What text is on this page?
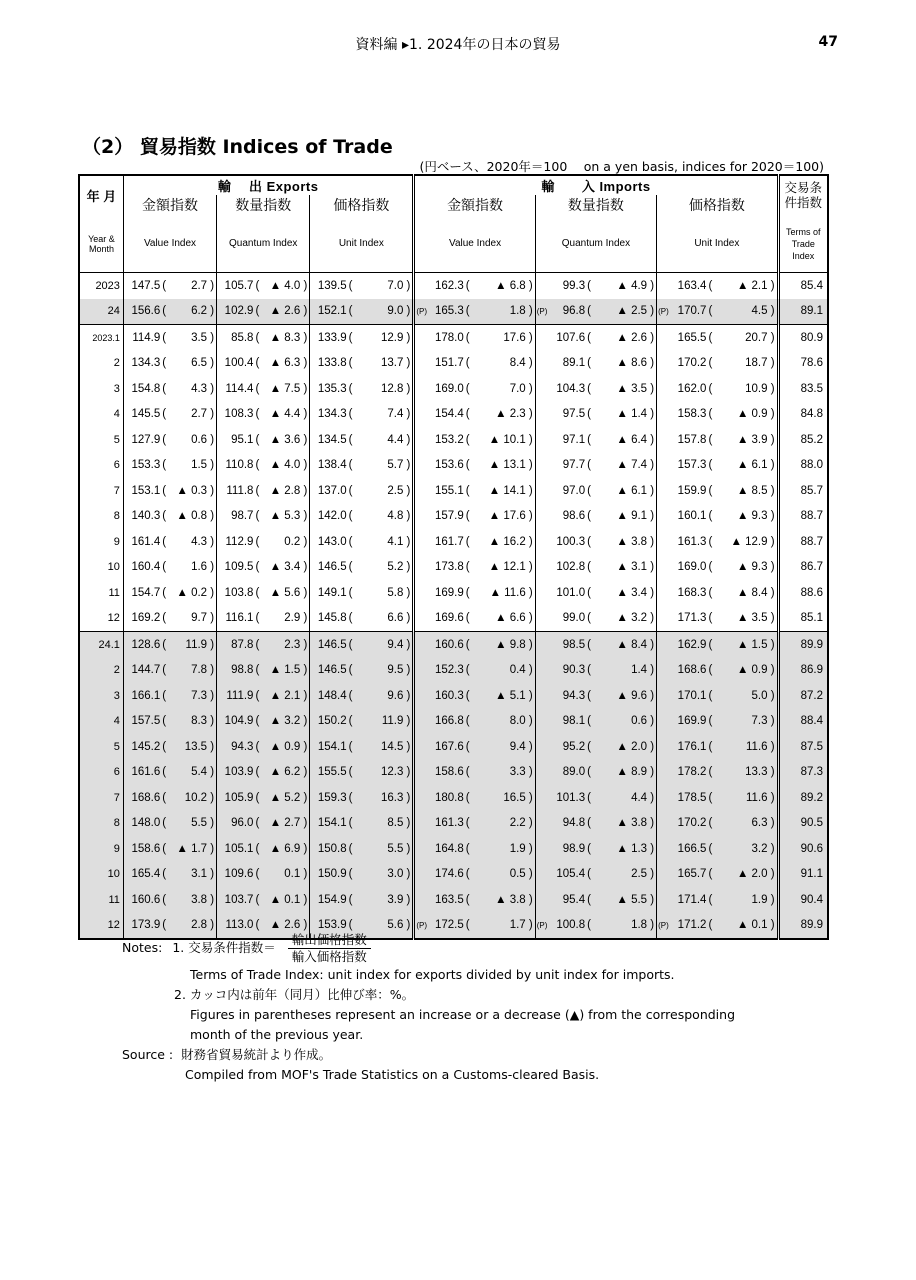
資料編 ▸1. 2024年の日本の貿易	47
（2） 貿易指数 Indices of Trade
(円ベース、2020年＝100　 on a yen basis, indices for 2020＝100)
年 月	輸　 出 Exports						輸　　入 Imports									交易条
件指数
	金額指数		数量指数		価格指数		金額指数			数量指数			価格指数			
Year &
Month	Value Index		Quantum Index		Unit Index		Value Index			Quantum Index			Unit Index			Terms of
Trade
Index
2023	147.5	( 2.7 )	105.7	( ▲ 4.0 )	139.5	( 7.0 )		162.3	( ▲ 6.8 )		99.3	( ▲ 4.9 )		163.4	( ▲ 2.1 )	85.4
24	156.6	( 6.2 )	102.9	( ▲ 2.6 )	152.1	( 9.0 )	(P)	165.3	( 1.8 )	(P)	96.8	( ▲ 2.5 )	(P)	170.7	( 4.5 )	89.1
2023.1	114.9	( 3.5 )	85.8	( ▲ 8.3 )	133.9	( 12.9 )		178.0	( 17.6 )		107.6	( ▲ 2.6 )		165.5	( 20.7 )	80.9
2	134.3	( 6.5 )	100.4	( ▲ 6.3 )	133.8	( 13.7 )		151.7	( 8.4 )		89.1	( ▲ 8.6 )		170.2	( 18.7 )	78.6
3	154.8	( 4.3 )	114.4	( ▲ 7.5 )	135.3	( 12.8 )		169.0	( 7.0 )		104.3	( ▲ 3.5 )		162.0	( 10.9 )	83.5
4	145.5	( 2.7 )	108.3	( ▲ 4.4 )	134.3	( 7.4 )		154.4	( ▲ 2.3 )		97.5	( ▲ 1.4 )		158.3	( ▲ 0.9 )	84.8
5	127.9	( 0.6 )	95.1	( ▲ 3.6 )	134.5	( 4.4 )		153.2	( ▲ 10.1 )		97.1	( ▲ 6.4 )		157.8	( ▲ 3.9 )	85.2
6	153.3	( 1.5 )	110.8	( ▲ 4.0 )	138.4	( 5.7 )		153.6	( ▲ 13.1 )		97.7	( ▲ 7.4 )		157.3	( ▲ 6.1 )	88.0
7	153.1	( ▲ 0.3 )	111.8	( ▲ 2.8 )	137.0	( 2.5 )		155.1	( ▲ 14.1 )		97.0	( ▲ 6.1 )		159.9	( ▲ 8.5 )	85.7
8	140.3	( ▲ 0.8 )	98.7	( ▲ 5.3 )	142.0	( 4.8 )		157.9	( ▲ 17.6 )		98.6	( ▲ 9.1 )		160.1	( ▲ 9.3 )	88.7
9	161.4	( 4.3 )	112.9	( 0.2 )	143.0	( 4.1 )		161.7	( ▲ 16.2 )		100.3	( ▲ 3.8 )		161.3	( ▲ 12.9 )	88.7
10	160.4	( 1.6 )	109.5	( ▲ 3.4 )	146.5	( 5.2 )		173.8	( ▲ 12.1 )		102.8	( ▲ 3.1 )		169.0	( ▲ 9.3 )	86.7
11	154.7	( ▲ 0.2 )	103.8	( ▲ 5.6 )	149.1	( 5.8 )		169.9	( ▲ 11.6 )		101.0	( ▲ 3.4 )		168.3	( ▲ 8.4 )	88.6
12	169.2	( 9.7 )	116.1	( 2.9 )	145.8	( 6.6 )		169.6	( ▲ 6.6 )		99.0	( ▲ 3.2 )		171.3	( ▲ 3.5 )	85.1
24.1	128.6	( 11.9 )	87.8	( 2.3 )	146.5	( 9.4 )		160.6	( ▲ 9.8 )		98.5	( ▲ 8.4 )		162.9	( ▲ 1.5 )	89.9
2	144.7	( 7.8 )	98.8	( ▲ 1.5 )	146.5	( 9.5 )		152.3	( 0.4 )		90.3	( 1.4 )		168.6	( ▲ 0.9 )	86.9
3	166.1	( 7.3 )	111.9	( ▲ 2.1 )	148.4	( 9.6 )		160.3	( ▲ 5.1 )		94.3	( ▲ 9.6 )		170.1	( 5.0 )	87.2
4	157.5	( 8.3 )	104.9	( ▲ 3.2 )	150.2	( 11.9 )		166.8	( 8.0 )		98.1	( 0.6 )		169.9	( 7.3 )	88.4
5	145.2	( 13.5 )	94.3	( ▲ 0.9 )	154.1	( 14.5 )		167.6	( 9.4 )		95.2	( ▲ 2.0 )		176.1	( 11.6 )	87.5
6	161.6	( 5.4 )	103.9	( ▲ 6.2 )	155.5	( 12.3 )		158.6	( 3.3 )		89.0	( ▲ 8.9 )		178.2	( 13.3 )	87.3
7	168.6	( 10.2 )	105.9	( ▲ 5.2 )	159.3	( 16.3 )		180.8	( 16.5 )		101.3	( 4.4 )		178.5	( 11.6 )	89.2
8	148.0	( 5.5 )	96.0	( ▲ 2.7 )	154.1	( 8.5 )		161.3	( 2.2 )		94.8	( ▲ 3.8 )		170.2	( 6.3 )	90.5
9	158.6	( ▲ 1.7 )	105.1	( ▲ 6.9 )	150.8	( 5.5 )		164.8	( 1.9 )		98.9	( ▲ 1.3 )		166.5	( 3.2 )	90.6
10	165.4	( 3.1 )	109.6	( 0.1 )	150.9	( 3.0 )		174.6	( 0.5 )		105.4	( 2.5 )		165.7	( ▲ 2.0 )	91.1
11	160.6	( 3.8 )	103.7	( ▲ 0.1 )	154.9	( 3.9 )		163.5	( ▲ 3.8 )		95.4	( ▲ 5.5 )		171.4	( 1.9 )	90.4
12	173.9	( 2.8 )	113.0	( ▲ 2.6 )	153.9	( 5.6 )	(P)	172.5	( 1.7 )	(P)	100.8	( 1.8 )	(P)	171.2	( ▲ 0.1 )	89.9
Notes: 1. 交易条件指数＝ $\frac{\text{輸出価格指数}}{\text{輸入価格指数}}$
Terms of Trade Index: unit index for exports divided by unit index for imports.
2. カッコ内は前年（同月）比伸び率：%。
Figures in parentheses represent an increase or a decrease (▲) from the corresponding
month of the previous year.
Source : 財務省貿易統計より作成。
Compiled from MOF's Trade Statistics on a Customs-cleared Basis.
